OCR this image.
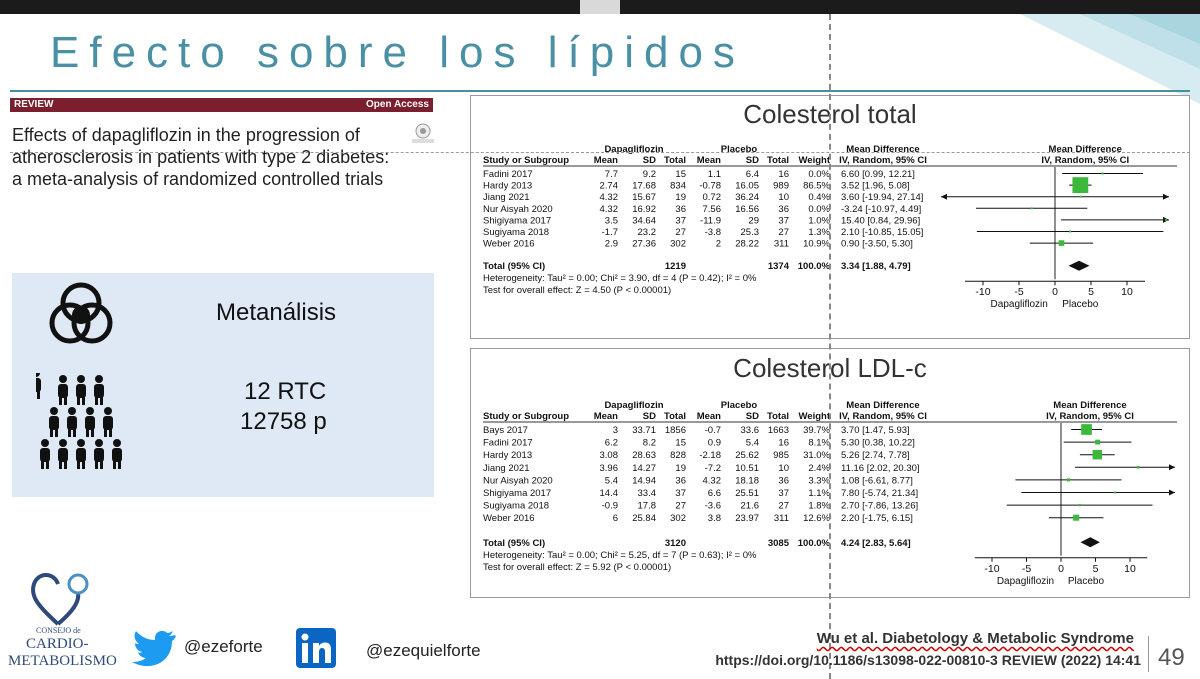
Efecto sobre los lípidos
REVIEW	Open Access
Effects of dapagliflozin in the progression of atherosclerosis in patients with type 2 diabetes: a meta-analysis of randomized controlled trials
Metanálisis
12 RTC
12758 p
Colesterol total
Dapagliflozin	Placebo	Mean Difference
IV, Random, 95% CI
Mean Difference
IV, Random, 95% CI
Study or Subgroup	Mean	SD Total Mean	SD Total Weight
Fadini 2017	7.7	9.2 15 1.1	6.4 16 0.0% 6.60 [0.99, 12.21]
Hardy 2013	2.74 17.68 834 -0.78 16.05 989 86.5% 3.52 [1.96, 5.08]
Jiang 2021	4.32 15.67 19 0.72 36.24 10 0.4% 3.60 [-19.94, 27.14]
Nur Aisyah 2020	4.32 16.92 36 7.56 16.56 36 0.0% -3.24 [-10.97, 4.49]
Shigiyama 2017	3.5 34.64 37 -11.9	29 37 1.0% 15.40 [0.84, 29.96]
Sugiyama 2018	-1.7 23.2 27 -3.8 25.3 27 1.3% 2.10 [-10.85, 15.05]
Weber 2016	2.9 27.36 302	2 28.22 311 10.9% 0.90 [-3.50, 5.30]
Total (95% CI)	1219	1374 100.0% 3.34 [1.88, 4.79]
Heterogeneity: Tau² = 0.00; Chi² = 3.90, df = 4 (P = 0.42); I² = 0%
Test for overall effect: Z = 4.50 (P < 0.00001)	-10 -5	0	5	10
Dapagliflozin Placebo
Colesterol LDL-c
Dapagliflozin	Placebo	Mean Difference
IV, Random, 95% CI
Mean Difference
IV, Random, 95% CI
Study or Subgroup	Mean	SD Total Mean	SD Total Weight
Bays 2017	3 33.71 1856 -0.7 33.6 1663 39.7% 3.70 [1.47, 5.93]
Fadini 2017	6.2	8.2 15 0.9	5.4 16 8.1% 5.30 [0.38, 10.22]
Hardy 2013	3.08 28.63 828 -2.18 25.62 985 31.0% 5.26 [2.74, 7.78]
Jiang 2021	3.96 14.27 19 -7.2 10.51 10 2.4% 11.16 [2.02, 20.30]
Nur Aisyah 2020	5.4 14.94 36 4.32 18.18 36 3.3% 1.08 [-6.61, 8.77]
Shigiyama 2017	14.4 33.4 37 6.6 25.51 37 1.1% 7.80 [-5.74, 21.34]
Sugiyama 2018	-0.9 17.8 27 -3.6 21.6 27 1.8% 2.70 [-7.86, 13.26]
Weber 2016	6 25.84 302 3.8 23.97 311 12.6% 2.20 [-1.75, 6.15]
Total (95% CI)	3120	3085 100.0% 4.24 [2.83, 5.64]
Heterogeneity: Tau² = 0.00; Chi² = 5.25, df = 7 (P = 0.63); I² = 0%
Test for overall effect: Z = 5.92 (P < 0.00001)	-10 -5	0	5 10
Dapagliflozin Placebo
CONSEJO de
CARDIO-
METABOLISMO
@ezeforte	@ezequielforte
Wu et al. Diabetology & Metabolic Syndrome
https://doi.org/10.1186/s13098-022-00810-3 REVIEW (2022) 14:41 49
